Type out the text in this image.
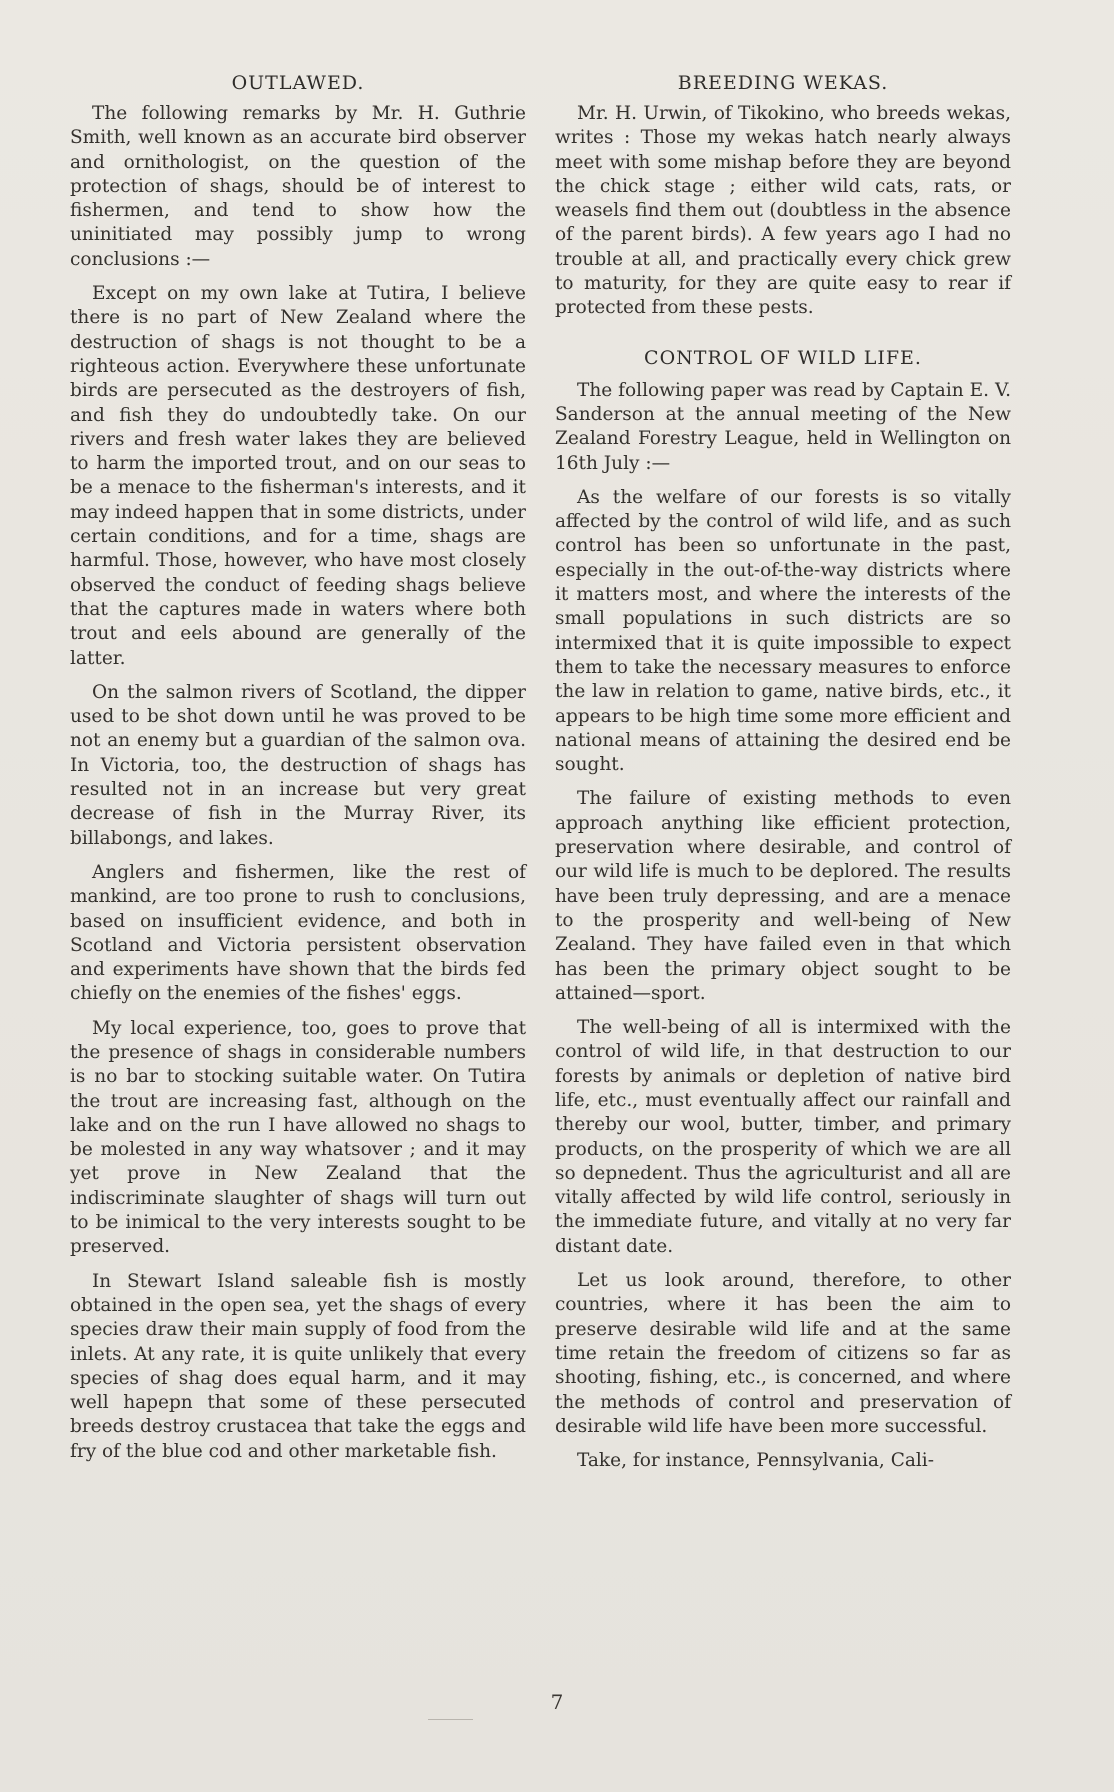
OUTLAWED.

The following remarks by Mr. H. Guthrie Smith, well known as an accurate bird observer and ornithologist, on the question of the protection of shags, should be of interest to fishermen, and tend to show how the uninitiated may possibly jump to wrong conclusions :—

Except on my own lake at Tutira, I believe there is no part of New Zealand where the destruction of shags is not thought to be a righteous action. Everywhere these unfortunate birds are persecuted as the destroyers of fish, and fish they do undoubtedly take. On our rivers and fresh water lakes they are believed to harm the imported trout, and on our seas to be a menace to the fisherman's interests, and it may indeed happen that in some districts, under certain conditions, and for a time, shags are harmful. Those, however, who have most closely observed the conduct of feeding shags believe that the captures made in waters where both trout and eels abound are generally of the latter.

On the salmon rivers of Scotland, the dipper used to be shot down until he was proved to be not an enemy but a guardian of the salmon ova. In Victoria, too, the destruction of shags has resulted not in an increase but very great decrease of fish in the Murray River, its billabongs, and lakes.

Anglers and fishermen, like the rest of mankind, are too prone to rush to conclusions, based on insufficient evidence, and both in Scotland and Victoria persistent observation and experiments have shown that the birds fed chiefly on the enemies of the fishes' eggs.

My local experience, too, goes to prove that the presence of shags in considerable numbers is no bar to stocking suitable water. On Tutira the trout are increasing fast, although on the lake and on the run I have allowed no shags to be molested in any way whatsover ; and it may yet prove in New Zealand that the indiscriminate slaughter of shags will turn out to be inimical to the very interests sought to be preserved.

In Stewart Island saleable fish is mostly obtained in the open sea, yet the shags of every species draw their main supply of food from the inlets. At any rate, it is quite unlikely that every species of shag does equal harm, and it may well hapepn that some of these persecuted breeds destroy crustacea that take the eggs and fry of the blue cod and other marketable fish.

BREEDING WEKAS.

Mr. H. Urwin, of Tikokino, who breeds wekas, writes : Those my wekas hatch nearly always meet with some mishap before they are beyond the chick stage ; either wild cats, rats, or weasels find them out (doubtless in the absence of the parent birds). A few years ago I had no trouble at all, and practically every chick grew to maturity, for they are quite easy to rear if protected from these pests.

CONTROL OF WILD LIFE.

The following paper was read by Captain E. V. Sanderson at the annual meeting of the New Zealand Forestry League, held in Wellington on 16th July :—

As the welfare of our forests is so vitally affected by the control of wild life, and as such control has been so unfortunate in the past, especially in the out-of-the-way districts where it matters most, and where the interests of the small populations in such districts are so intermixed that it is quite impossible to expect them to take the necessary measures to enforce the law in relation to game, native birds, etc., it appears to be high time some more efficient and national means of attaining the desired end be sought.

The failure of existing methods to even approach anything like efficient protection, preservation where desirable, and control of our wild life is much to be deplored. The results have been truly depressing, and are a menace to the prosperity and well-being of New Zealand. They have failed even in that which has been the primary object sought to be attained—sport.

The well-being of all is intermixed with the control of wild life, in that destruction to our forests by animals or depletion of native bird life, etc., must eventually affect our rainfall and thereby our wool, butter, timber, and primary products, on the prosperity of which we are all so depnedent. Thus the agriculturist and all are vitally affected by wild life control, seriously in the immediate future, and vitally at no very far distant date.

Let us look around, therefore, to other countries, where it has been the aim to preserve desirable wild life and at the same time retain the freedom of citizens so far as shooting, fishing, etc., is concerned, and where the methods of control and preservation of desirable wild life have been more successful.

Take, for instance, Pennsylvania, Cali-

7
